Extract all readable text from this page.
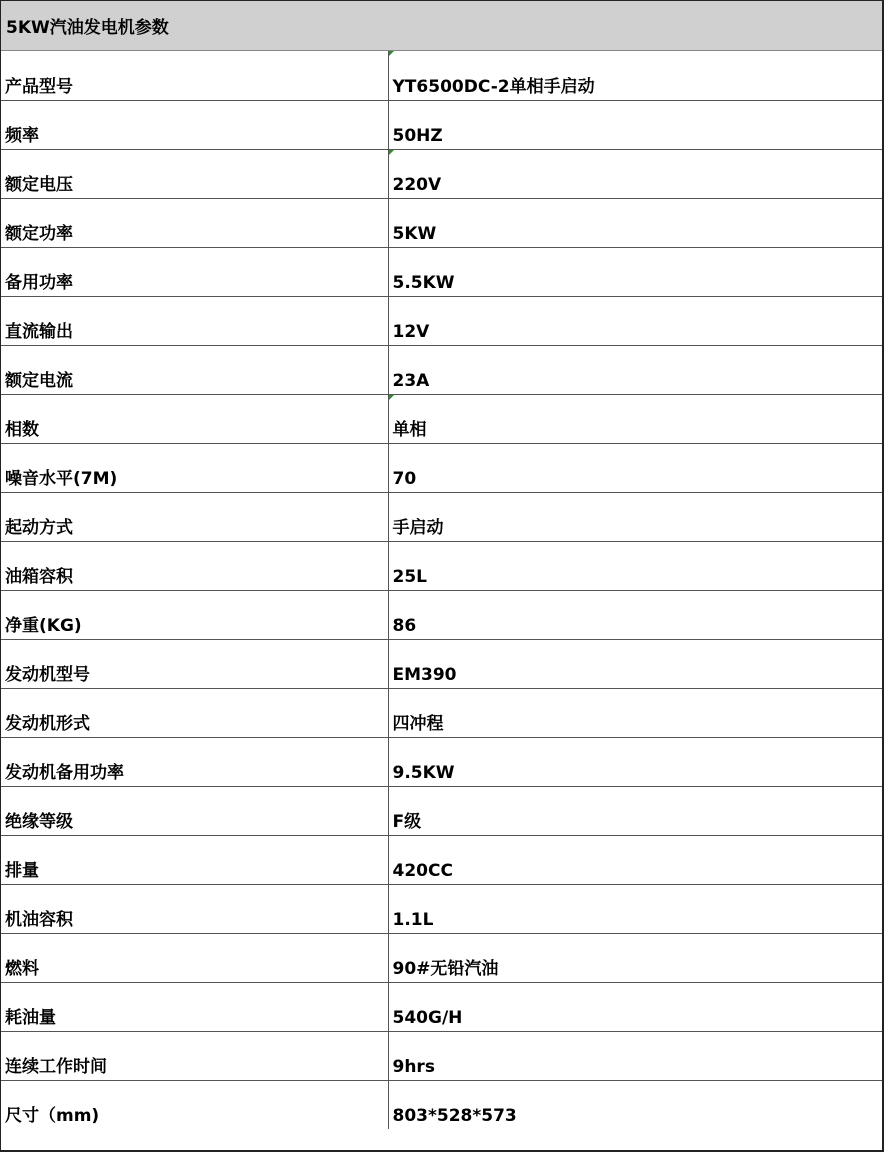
5KW汽油发电机参数
产品型号	YT6500DC-2单相手启动
频率	50HZ
额定电压	220V
额定功率	5KW
备用功率	5.5KW
直流输出	12V
额定电流	23A
相数	单相
噪音水平(7M)	70
起动方式	手启动
油箱容积	25L
净重(KG)	86
发动机型号	EM390
发动机形式	四冲程
发动机备用功率	9.5KW
绝缘等级	F级
排量	420CC
机油容积	1.1L
燃料	90#无铅汽油
耗油量	540G/H
连续工作时间	9hrs
尺寸（mm)	803*528*573
